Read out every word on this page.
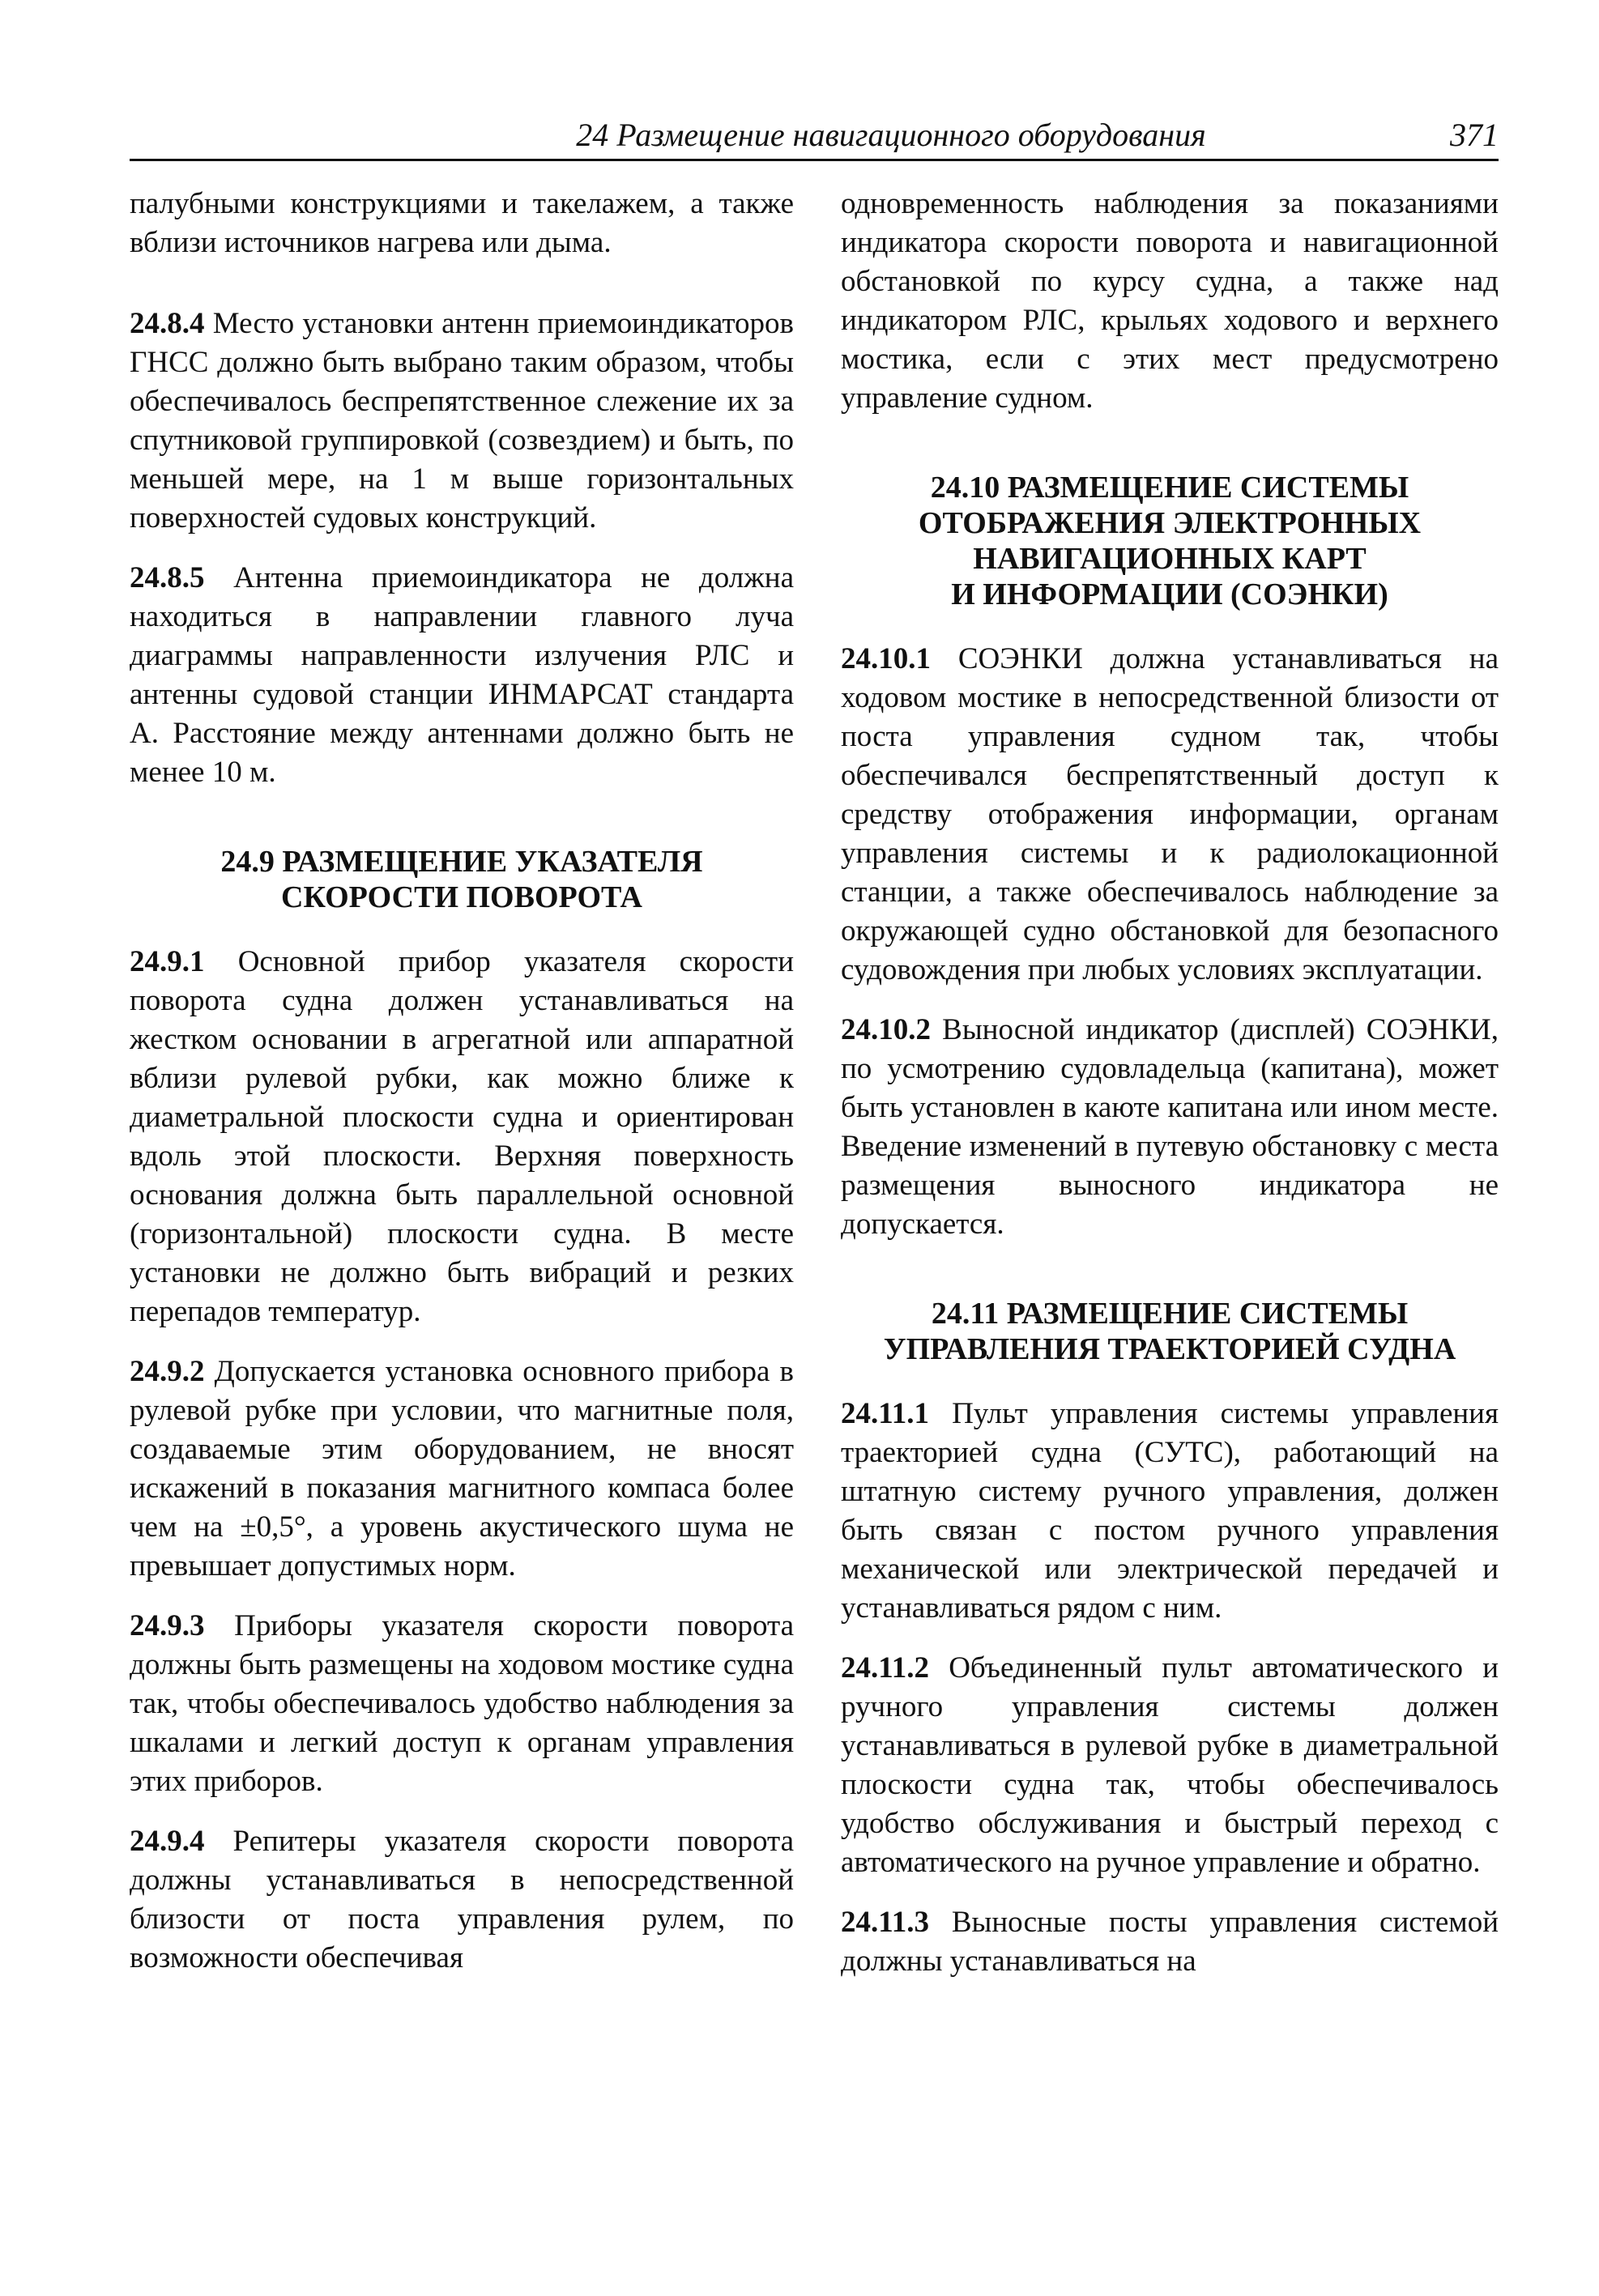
24 Размещение навигационного оборудования	371

палубными конструкциями и такелажем, а также вблизи источников нагрева или дыма.

24.8.4 Место установки антенн приемоиндикаторов ГНСС должно быть выбрано таким образом, чтобы обеспечивалось беспрепятственное слежение их за спутниковой группировкой (созвездием) и быть, по меньшей мере, на 1 м выше горизонтальных поверхностей судовых конструкций.

24.8.5 Антенна приемоиндикатора не должна находиться в направлении главного луча диаграммы направленности излучения РЛС и антенны судовой станции ИНМАРСАТ стандарта А. Расстояние между антеннами должно быть не менее 10 м.

24.9 РАЗМЕЩЕНИЕ УКАЗАТЕЛЯ
СКОРОСТИ ПОВОРОТА

24.9.1 Основной прибор указателя скорости поворота судна должен устанавливаться на жестком основании в агрегатной или аппаратной вблизи рулевой рубки, как можно ближе к диаметральной плоскости судна и ориентирован вдоль этой плоскости. Верхняя поверхность основания должна быть параллельной основной (горизонтальной) плоскости судна. В месте установки не должно быть вибраций и резких перепадов температур.

24.9.2 Допускается установка основного прибора в рулевой рубке при условии, что магнитные поля, создаваемые этим оборудованием, не вносят искажений в показания магнитного компаса более чем на ±0,5°, а уровень акустического шума не превышает допустимых норм.

24.9.3 Приборы указателя скорости поворота должны быть размещены на ходовом мостике судна так, чтобы обеспечивалось удобство наблюдения за шкалами и легкий доступ к органам управления этих приборов.

24.9.4 Репитеры указателя скорости поворота должны устанавливаться в непосредственной близости от поста управления рулем, по возможности обеспечивая

одновременность наблюдения за показаниями индикатора скорости поворота и навигационной обстановкой по курсу судна, а также над индикатором РЛС, крыльях ходового и верхнего мостика, если с этих мест предусмотрено управление судном.

24.10 РАЗМЕЩЕНИЕ СИСТЕМЫ
ОТОБРАЖЕНИЯ ЭЛЕКТРОННЫХ
НАВИГАЦИОННЫХ КАРТ
И ИНФОРМАЦИИ (СОЭНКИ)

24.10.1 СОЭНКИ должна устанавливаться на ходовом мостике в непосредственной близости от поста управления судном так, чтобы обеспечивался беспрепятственный доступ к средству отображения информации, органам управления системы и к радиолокационной станции, а также обеспечивалось наблюдение за окружающей судно обстановкой для безопасного судовождения при любых условиях эксплуатации.

24.10.2 Выносной индикатор (дисплей) СОЭНКИ, по усмотрению судовладельца (капитана), может быть установлен в каюте капитана или ином месте. Введение изменений в путевую обстановку с места размещения выносного индикатора не допускается.

24.11 РАЗМЕЩЕНИЕ СИСТЕМЫ
УПРАВЛЕНИЯ ТРАЕКТОРИЕЙ СУДНА

24.11.1 Пульт управления системы управления траекторией судна (СУТС), работающий на штатную систему ручного управления, должен быть связан с постом ручного управления механической или электрической передачей и устанавливаться рядом с ним.

24.11.2 Объединенный пульт автоматического и ручного управления системы должен устанавливаться в рулевой рубке в диаметральной плоскости судна так, чтобы обеспечивалось удобство обслуживания и быстрый переход с автоматического на ручное управление и обратно.

24.11.3 Выносные посты управления системой должны устанавливаться на
